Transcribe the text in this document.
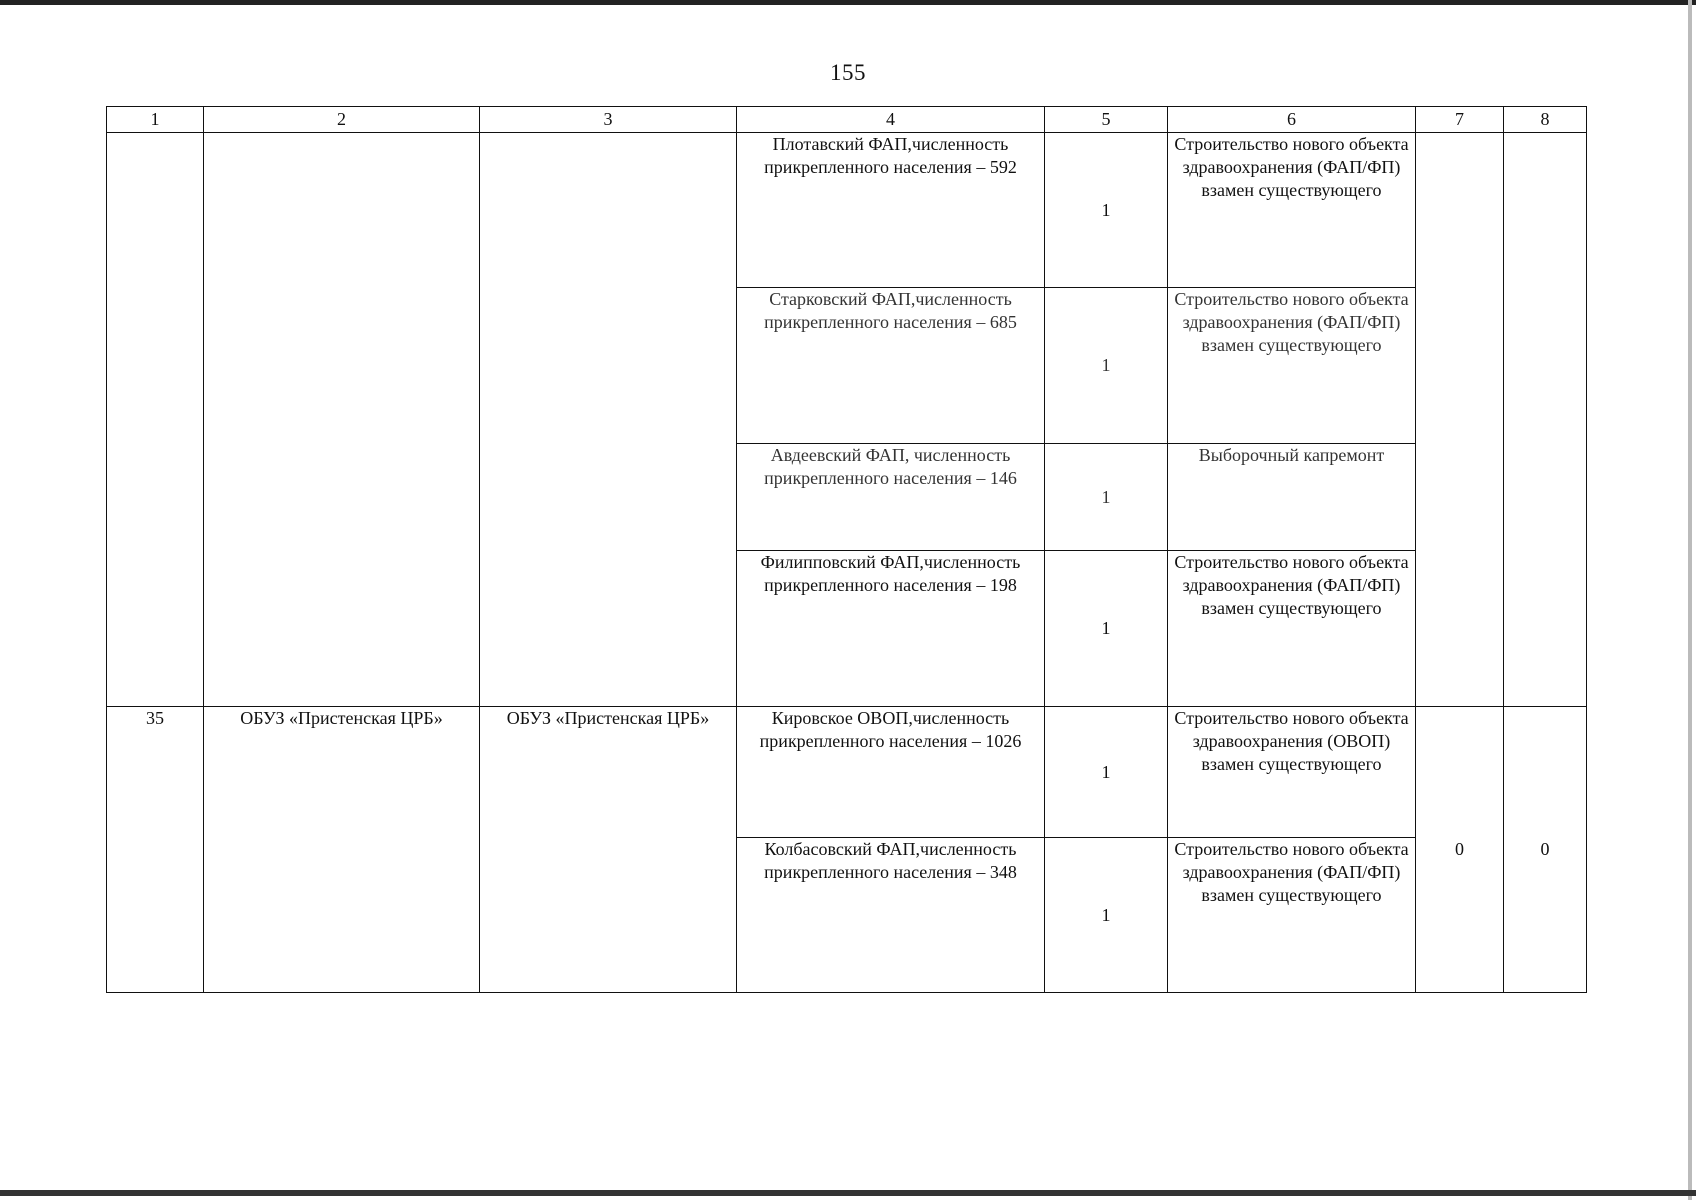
155
1	2	3	4	5	6	7	8
			Плотавский ФАП,численность прикрепленного населения – 592	1	Строительство нового объекта здравоохранения (ФАП/ФП) взамен существующего		
			Старковский ФАП,численность прикрепленного населения – 685	1	Строительство нового объекта здравоохранения (ФАП/ФП) взамен существующего		
			Авдеевский ФАП, численность прикрепленного населения – 146	1	Выборочный капремонт		
			Филипповский ФАП,численность прикрепленного населения – 198	1	Строительство нового объекта здравоохранения (ФАП/ФП) взамен существующего		
35	ОБУЗ «Пристенская ЦРБ»	ОБУЗ «Пристенская ЦРБ»	Кировское ОВОП,численность прикрепленного населения – 1026	1	Строительство нового объекта здравоохранения (ОВОП) взамен существующего	0	0
			Колбасовский ФАП,численность прикрепленного населения – 348	1	Строительство нового объекта здравоохранения (ФАП/ФП) взамен существующего		
